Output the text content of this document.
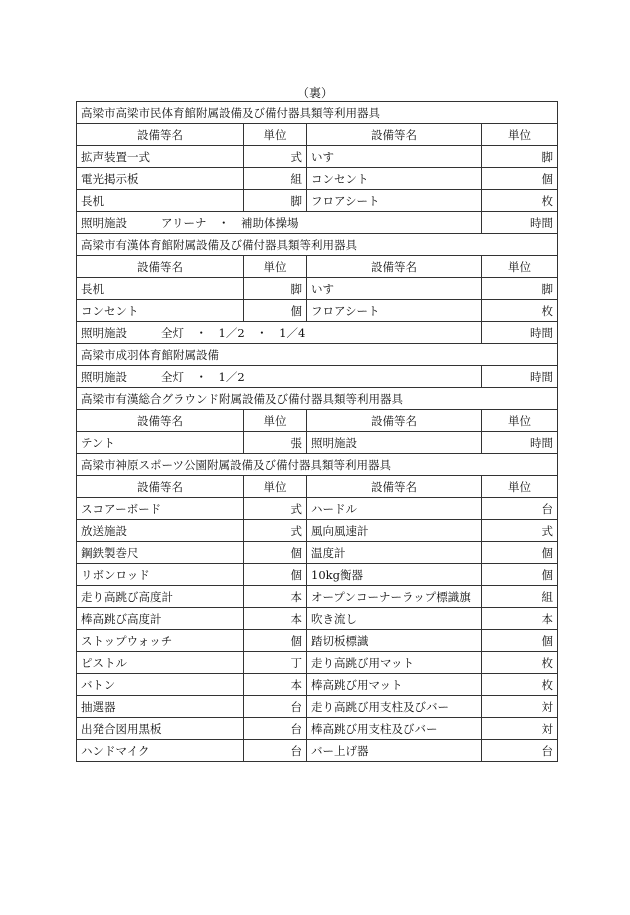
（裏）
高梁市高梁市民体育館附属設備及び備付器具類等利用器具			
設備等名	単位	設備等名	単位
拡声装置一式	式	いす	脚
電光掲示板	組	コンセント	個
長机	脚	フロアシート	枚
照明施設 アリーナ　・　補助体操場			時間
高梁市有漢体育館附属設備及び備付器具類等利用器具			
設備等名	単位	設備等名	単位
長机	脚	いす	脚
コンセント	個	フロアシート	枚
照明施設 全灯　・　1／2　・　1／4			時間
高梁市成羽体育館附属設備			
照明施設 全灯　・　1／2			時間
高梁市有漢総合グラウンド附属設備及び備付器具類等利用器具			
設備等名	単位	設備等名	単位
テント	張	照明施設	時間
高梁市神原スポーツ公園附属設備及び備付器具類等利用器具			
設備等名	単位	設備等名	単位
スコアーボード	式	ハードル	台
放送施設	式	風向風速計	式
鋼鉄製巻尺	個	温度計	個
リボンロッド	個	10kg衡器	個
走り高跳び高度計	本	オープンコーナーラップ標識旗	組
棒高跳び高度計	本	吹き流し	本
ストップウォッチ	個	踏切板標識	個
ピストル	丁	走り高跳び用マット	枚
バトン	本	棒高跳び用マット	枚
抽選器	台	走り高跳び用支柱及びバー	対
出発合図用黒板	台	棒高跳び用支柱及びバー	対
ハンドマイク	台	バー上げ器	台
